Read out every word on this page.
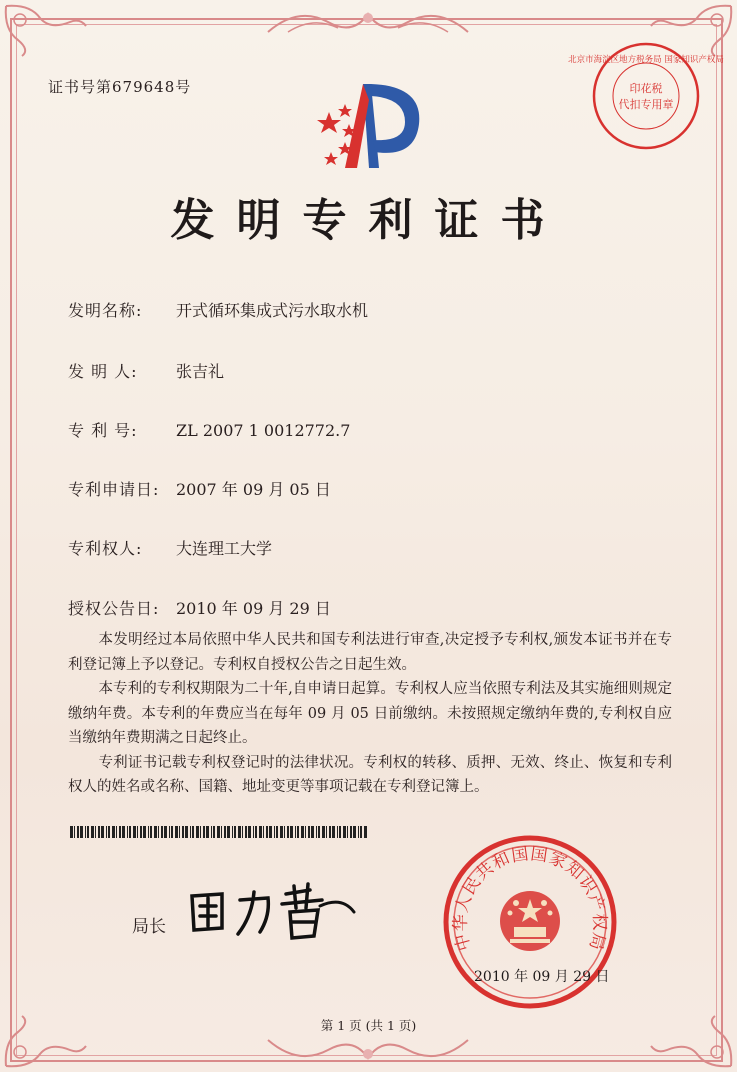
证书号第679648号
北京市海淀区地方税务局 国家知识产权局
印花税
代扣专用章
发明专利证书
发明名称: 开式循环集成式污水取水机
发 明 人: 张吉礼
专 利 号: ZL 2007 1 0012772.7
专利申请日: 2007 年 09 月 05 日
专利权人: 大连理工大学
授权公告日: 2010 年 09 月 29 日

本发明经过本局依照中华人民共和国专利法进行审查,决定授予专利权,颁发本证书并在专利登记簿上予以登记。专利权自授权公告之日起生效。

本专利的专利权期限为二十年,自申请日起算。专利权人应当依照专利法及其实施细则规定缴纳年费。本专利的年费应当在每年 09 月 05 日前缴纳。未按照规定缴纳年费的,专利权自应当缴纳年费期满之日起终止。

专利证书记载专利权登记时的法律状况。专利权的转移、质押、无效、终止、恢复和专利权人的姓名或名称、国籍、地址变更等事项记载在专利登记簿上。

局长
中华人民共和国国家知识产权局
2010 年 09 月 29 日
第 1 页 (共 1 页)
